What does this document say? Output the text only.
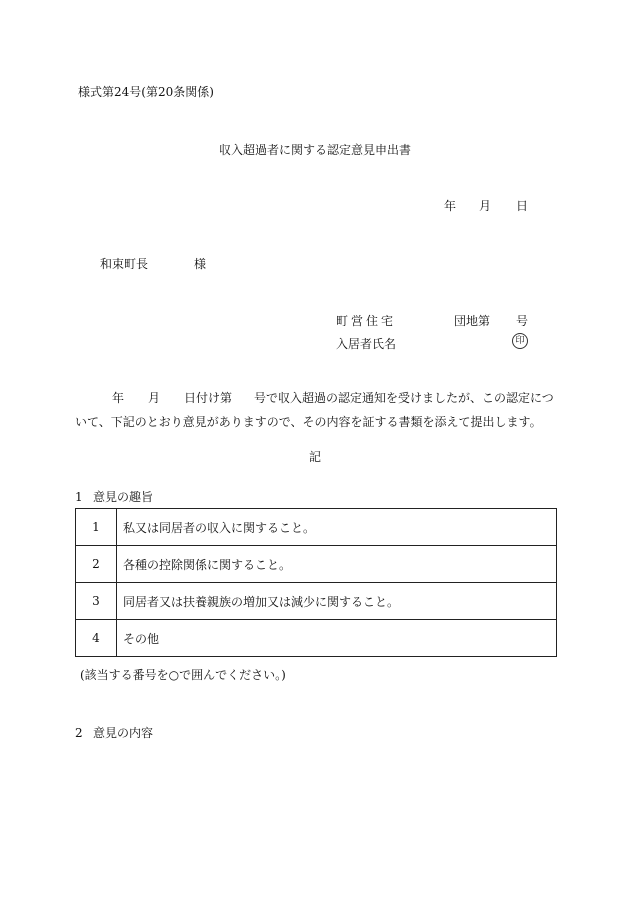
様式第24号(第20条関係)
収入超過者に関する認定意見申出書
年 月 日
和束町長	様
町営住宅	団地第 号
入居者氏名	印
年 月 日付け第 号で収入超過の認定通知を受けましたが、この認定について、下記のとおり意見がありますので、その内容を証する書類を添えて提出します。
記
1 意見の趣旨
1	私又は同居者の収入に関すること。
2	各種の控除関係に関すること。
3	同居者又は扶養親族の増加又は減少に関すること。
4	その他
(該当する番号を○で囲んでください。)
2 意見の内容
